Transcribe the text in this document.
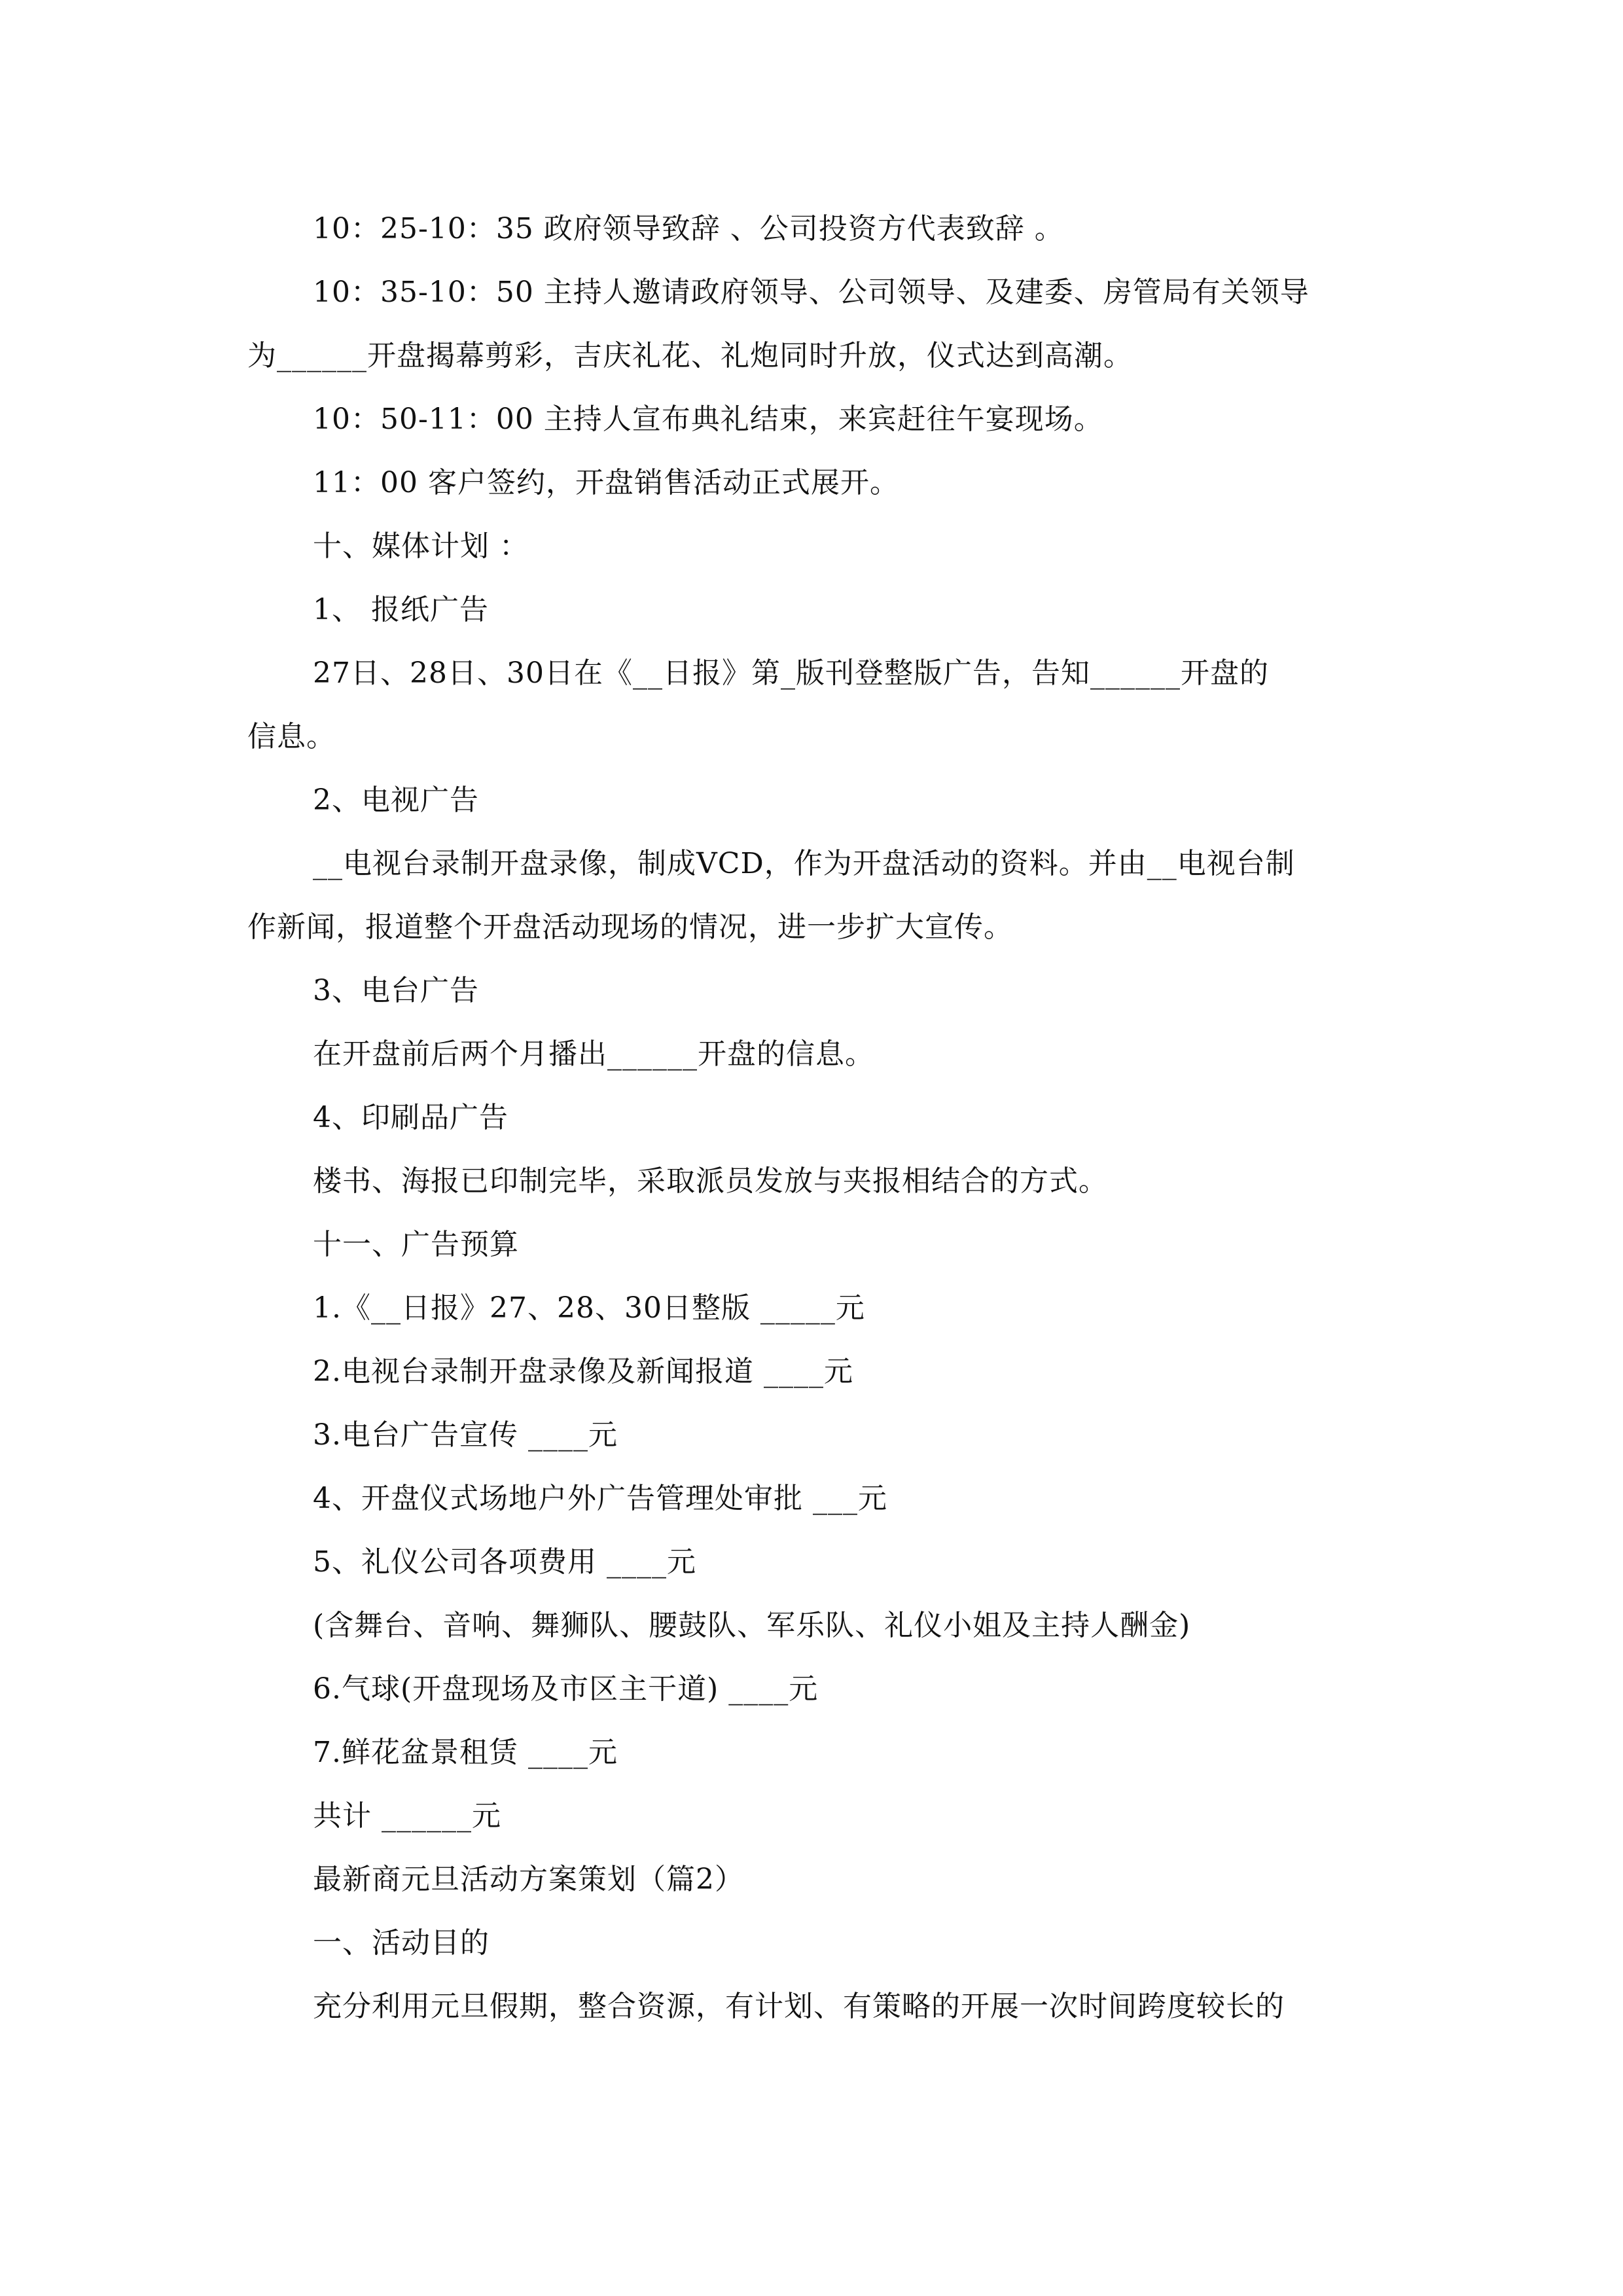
10：25-10：35 政府领导致辞 、公司投资方代表致辞 。
10：35-10：50 主持人邀请政府领导、公司领导、及建委、房管局有关领导
为______开盘揭幕剪彩，吉庆礼花、礼炮同时升放，仪式达到高潮。
10：50-11：00 主持人宣布典礼结束，来宾赶往午宴现场。
11：00 客户签约，开盘销售活动正式展开。
十、媒体计划 ：
1、 报纸广告
27日、28日、30日在《__日报》第_版刊登整版广告，告知______开盘的
信息。
2、电视广告
__电视台录制开盘录像，制成VCD，作为开盘活动的资料。并由__电视台制
作新闻，报道整个开盘活动现场的情况，进一步扩大宣传。
3、电台广告
在开盘前后两个月播出______开盘的信息。
4、印刷品广告
楼书、海报已印制完毕，采取派员发放与夹报相结合的方式。
十一、广告预算
1.《__日报》27、28、30日整版 _____元
2.电视台录制开盘录像及新闻报道 ____元
3.电台广告宣传 ____元
4、开盘仪式场地户外广告管理处审批 ___元
5、礼仪公司各项费用 ____元
(含舞台、音响、舞狮队、腰鼓队、军乐队、礼仪小姐及主持人酬金)
6.气球(开盘现场及市区主干道) ____元
7.鲜花盆景租赁 ____元
共计 ______元
最新商元旦活动方案策划（篇2）
一、活动目的
充分利用元旦假期，整合资源，有计划、有策略的开展一次时间跨度较长的
